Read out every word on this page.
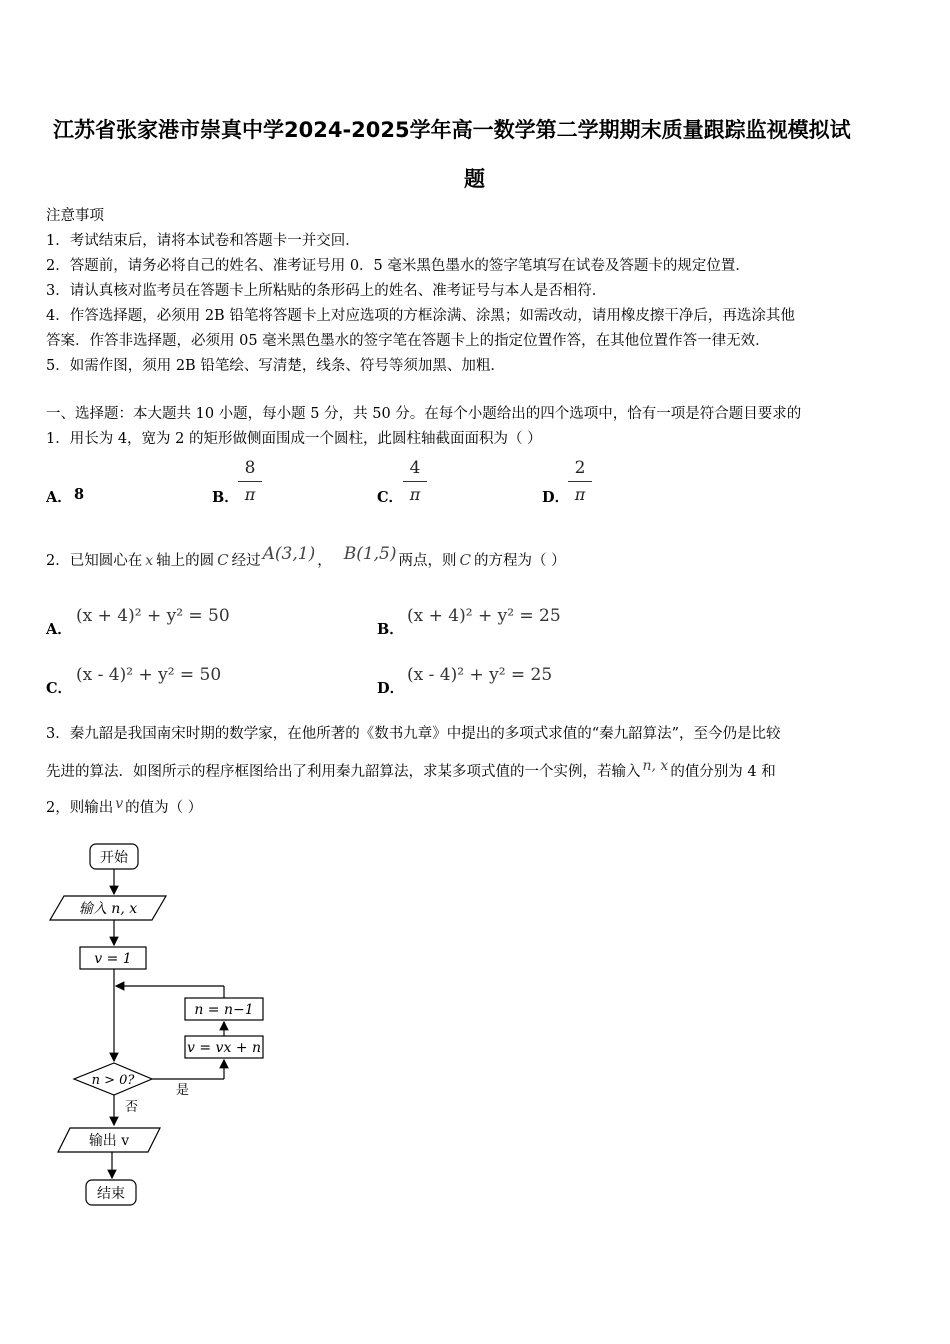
江苏省张家港市崇真中学2024-2025学年高一数学第二学期期末质量跟踪监视模拟试
题
注意事项
1．考试结束后，请将本试卷和答题卡一并交回．
2．答题前，请务必将自己的姓名、准考证号用 0．5 毫米黑色墨水的签字笔填写在试卷及答题卡的规定位置．
3．请认真核对监考员在答题卡上所粘贴的条形码上的姓名、准考证号与本人是否相符．
4．作答选择题，必须用 2B 铅笔将答题卡上对应选项的方框涂满、涂黑；如需改动，请用橡皮擦干净后，再选涂其他
答案．作答非选择题，必须用 05 毫米黑色墨水的签字笔在答题卡上的指定位置作答，在其他位置作答一律无效．
5．如需作图，须用 2B 铅笔绘、写清楚，线条、符号等须加黑、加粗．
一、选择题：本大题共 10 小题，每小题 5 分，共 50 分。在每个小题给出的四个选项中，恰有一项是符合题目要求的
1．用长为 4，宽为 2 的矩形做侧面围成一个圆柱，此圆柱轴截面面积为（ ）
A． 8	B．
8
π	C．
4
π	D．
2
π
2．已知圆心在 x 轴上的圆 C 经过 A(3,1) ， B(1,5) 两点，则 C 的方程为（ ）
A．
(x + 4)² + y² = 50
B．
(x + 4)² + y² = 25
C．
(x - 4)² + y² = 50
D．
(x - 4)² + y² = 25
3．秦九韶是我国南宋时期的数学家，在他所著的《数书九章》中提出的多项式求值的“秦九韶算法”，至今仍是比较
先进的算法．如图所示的程序框图给出了利用秦九韶算法，求某多项式值的一个实例，若输入 n, x 的值分别为 4 和
2，则输出 v 的值为（ ）
开始
输入 n, x
v = 1
n = n−1
v = vx + n
n > 0?
是
否
输出 v
结束
